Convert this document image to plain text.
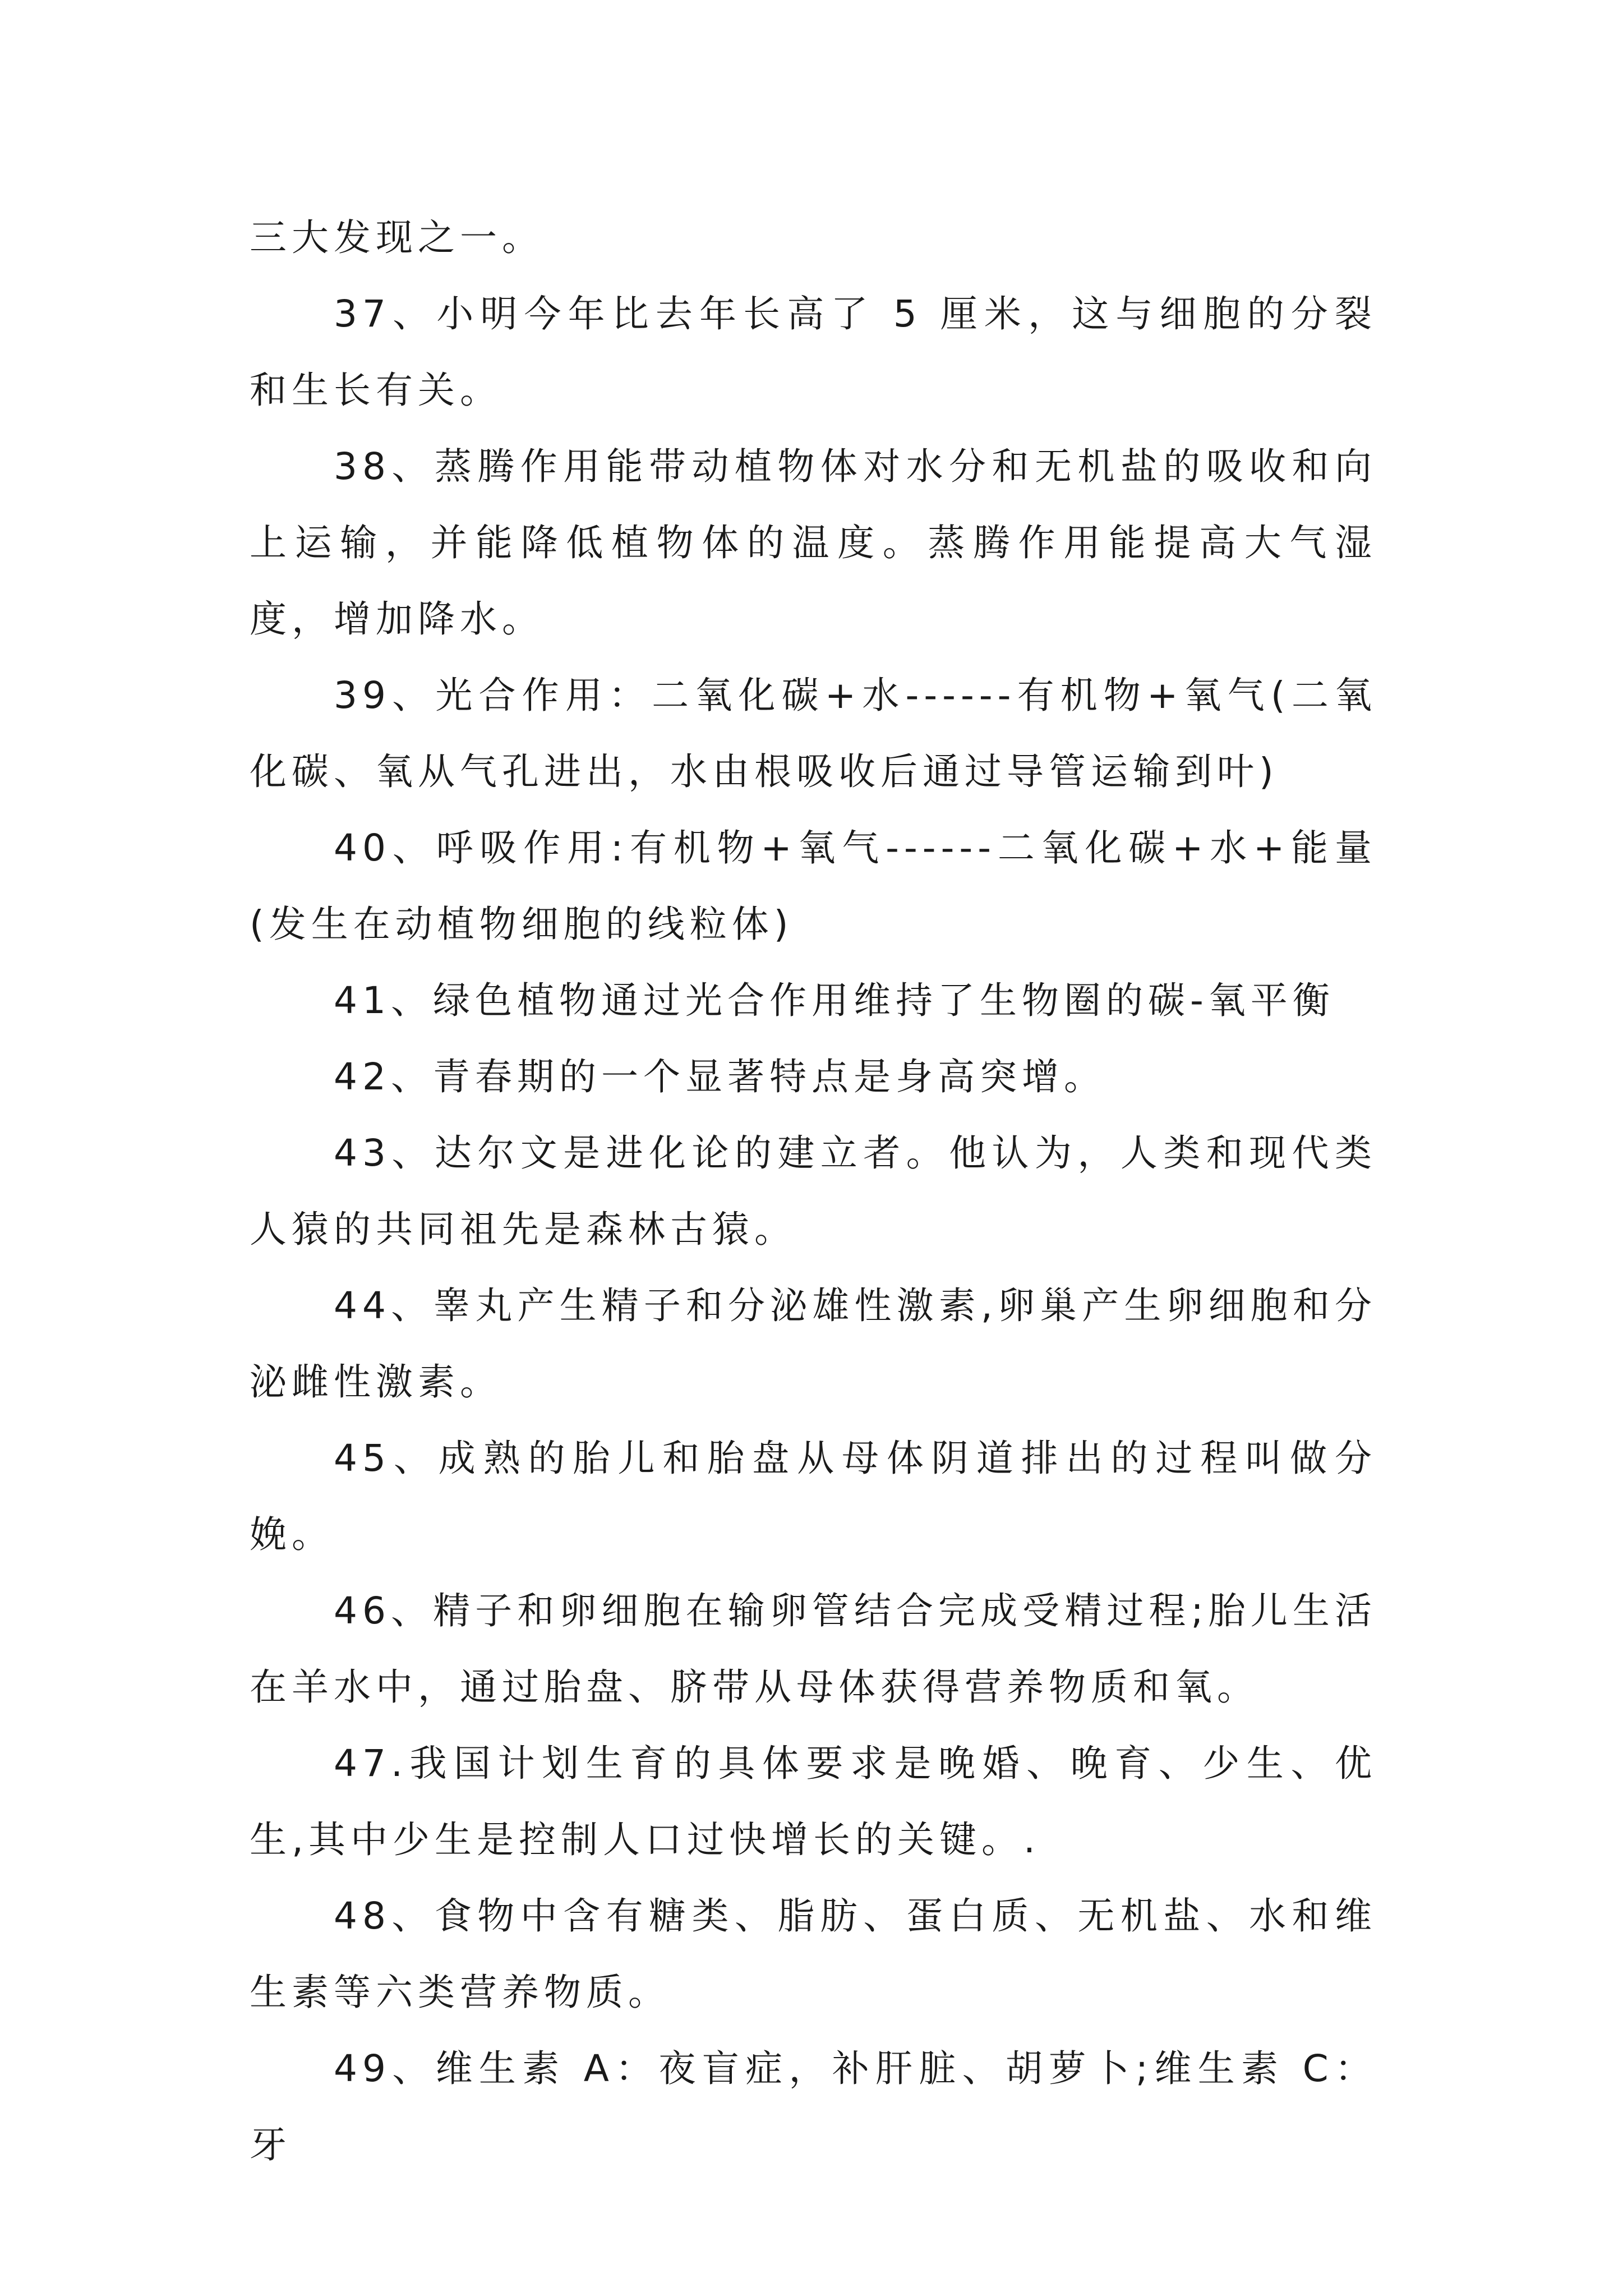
三大发现之一。

37、小明今年比去年长高了 5 厘米，这与细胞的分裂和生长有关。

38、蒸腾作用能带动植物体对水分和无机盐的吸收和向上运输，并能降低植物体的温度。蒸腾作用能提高大气湿度，增加降水。

39、光合作用：二氧化碳+水------有机物+氧气(二氧化碳、氧从气孔进出，水由根吸收后通过导管运输到叶)

40、呼吸作用:有机物+氧气------二氧化碳+水+能量(发生在动植物细胞的线粒体)

41、绿色植物通过光合作用维持了生物圈的碳-氧平衡

42、青春期的一个显著特点是身高突增。

43、达尔文是进化论的建立者。他认为，人类和现代类人猿的共同祖先是森林古猿。

44、睾丸产生精子和分泌雄性激素,卵巢产生卵细胞和分泌雌性激素。

45、成熟的胎儿和胎盘从母体阴道排出的过程叫做分娩。

46、精子和卵细胞在输卵管结合完成受精过程;胎儿生活在羊水中，通过胎盘、脐带从母体获得营养物质和氧。

47.我国计划生育的具体要求是晚婚、晚育、少生、优生,其中少生是控制人口过快增长的关键。.

48、食物中含有糖类、脂肪、蛋白质、无机盐、水和维生素等六类营养物质。

49、维生素 A：夜盲症，补肝脏、胡萝卜;维生素 C：牙
